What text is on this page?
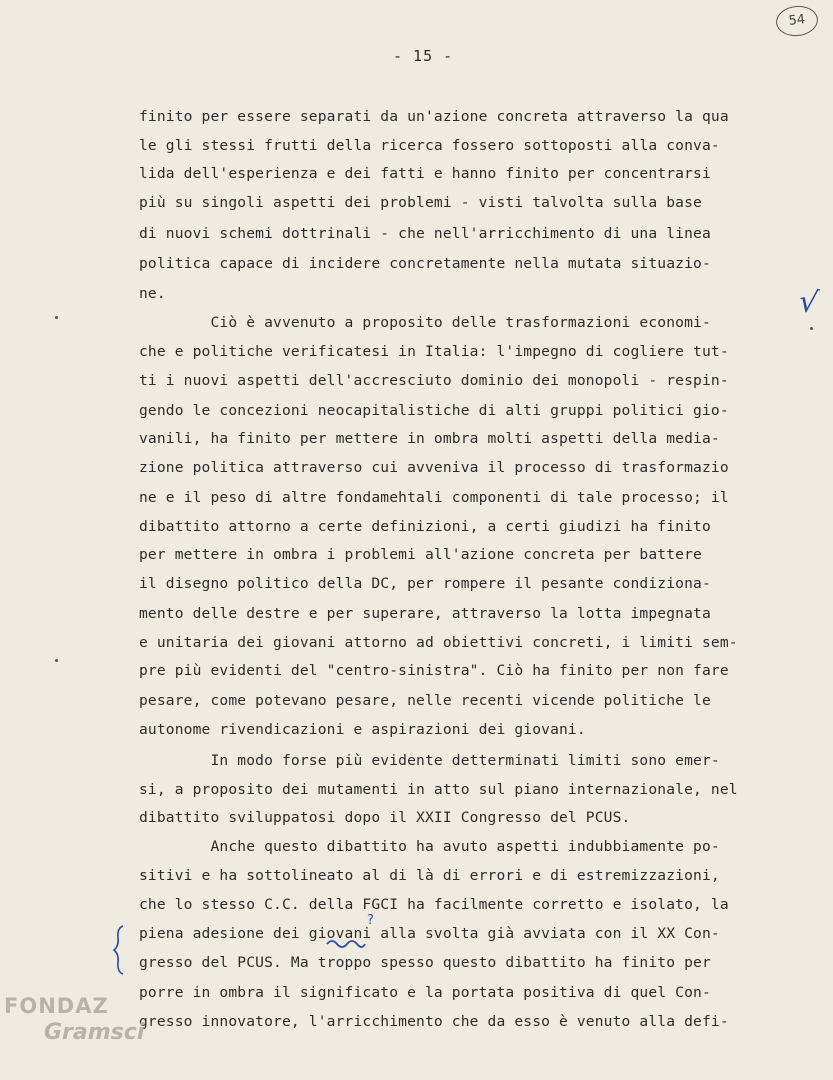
54
- 15 -
finito per essere separati da un'azione concreta attraverso la qua
le gli stessi frutti della ricerca fossero sottoposti alla conva-
lida dell'esperienza e dei fatti e hanno finito per concentrarsi
più su singoli aspetti dei problemi - visti talvolta sulla base
di nuovi schemi dottrinali - che nell'arricchimento di una linea
politica capace di incidere concretamente nella mutata situazio-
ne.
Ciò è avvenuto a proposito delle trasformazioni economi-
che e politiche verificatesi in Italia: l'impegno di cogliere tut-
ti i nuovi aspetti dell'accresciuto dominio dei monopoli - respin-
gendo le concezioni neocapitalistiche di alti gruppi politici gio-
vanili, ha finito per mettere in ombra molti aspetti della media-
zione politica attraverso cui avveniva il processo di trasformazio
ne e il peso di altre fondamehtali componenti di tale processo; il
dibattito attorno a certe definizioni, a certi giudizi ha finito
per mettere in ombra i problemi all'azione concreta per battere
il disegno politico della DC, per rompere il pesante condiziona-
mento delle destre e per superare, attraverso la lotta impegnata
e unitaria dei giovani attorno ad obiettivi concreti, i limiti sem-
pre più evidenti del "centro-sinistra". Ciò ha finito per non fare
pesare, come potevano pesare, nelle recenti vicende politiche le
autonome rivendicazioni e aspirazioni dei giovani.
In modo forse più evidente detterminati limiti sono emer-
si, a proposito dei mutamenti in atto sul piano internazionale, nel
dibattito sviluppatosi dopo il XXII Congresso del PCUS.
Anche questo dibattito ha avuto aspetti indubbiamente po-
sitivi e ha sottolineato al di là di errori e di estremizzazioni,
che lo stesso C.C. della FGCI ha facilmente corretto e isolato, la
piena adesione dei giovani alla svolta già avviata con il XX Con-
gresso del PCUS. Ma troppo spesso questo dibattito ha finito per
porre in ombra il significato e la portata positiva di quel Con-
gresso innovatore, l'arricchimento che da esso è venuto alla defi-
√
?
FONDAZ
Gramsci
